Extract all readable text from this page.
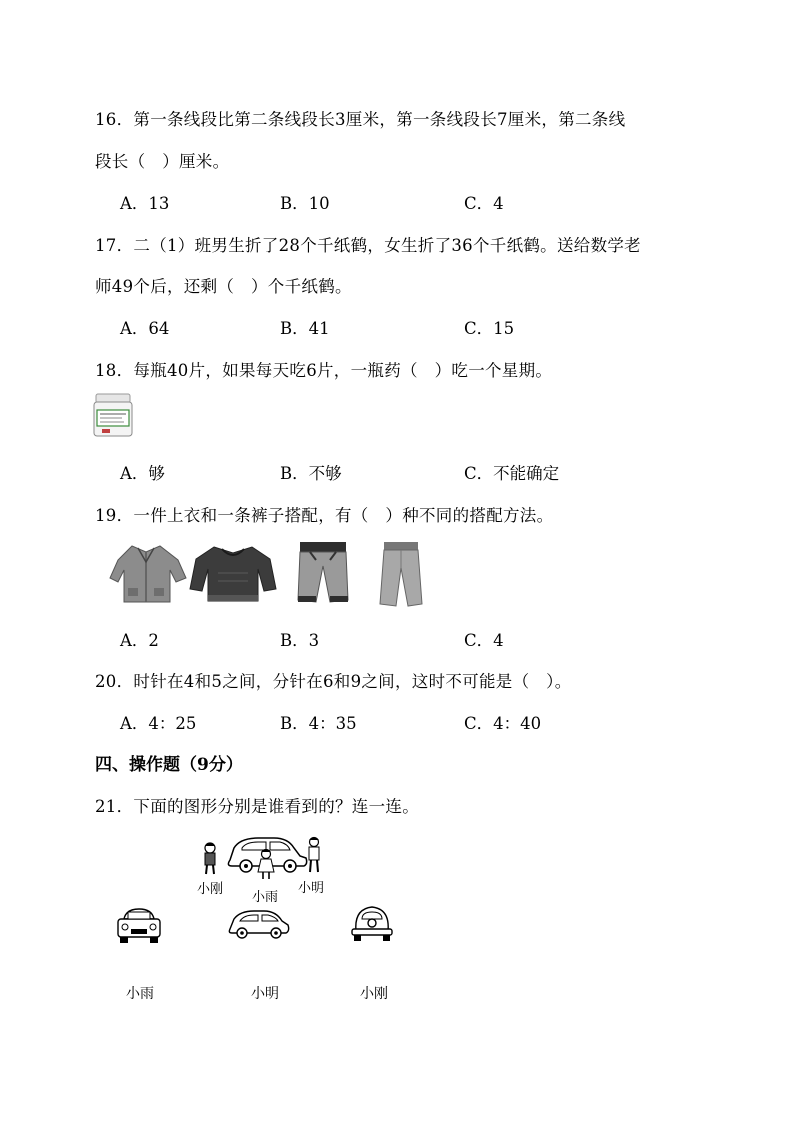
16．第一条线段比第二条线段长3厘米，第一条线段长7厘米，第二条线
段长（　）厘米。
A．13	B．10	C．4
17．二（1）班男生折了28个千纸鹤，女生折了36个千纸鹤。送给数学老
师49个后，还剩（　）个千纸鹤。
A．64	B．41	C．15
18．每瓶40片，如果每天吃6片，一瓶药（　）吃一个星期。
A．够	B．不够	C．不能确定
19．一件上衣和一条裤子搭配，有（　）种不同的搭配方法。
A．2	B．3	C．4
20．时针在4和5之间，分针在6和9之间，这时不可能是（　）。
A．4：25	B．4：35	C．4：40
四、操作题（9分）
21．下面的图形分别是谁看到的？连一连。
小刚
小雨
小明
小雨	小明	小刚
